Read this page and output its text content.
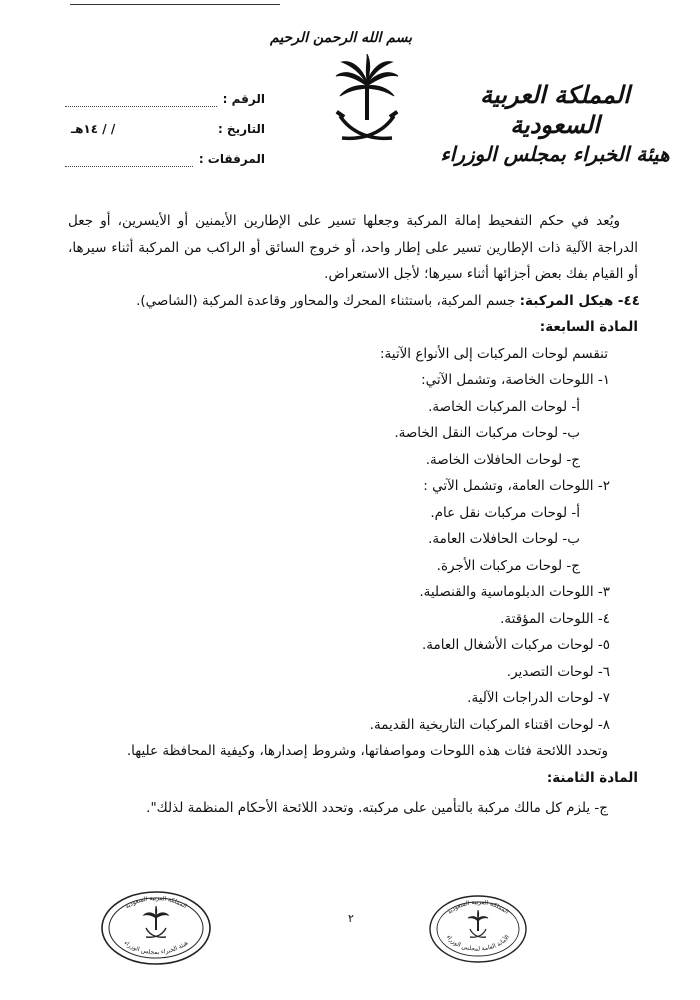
المملكة العربية السعودية
هيئة الخبراء بمجلس الوزراء
بسم الله الرحمن الرحيم
الرقم :
التاريخ :
/ / ١٤هـ
المرفقات :

ويُعد في حكم التفحيط إمالة المركبة وجعلها تسير على الإطارين الأيمنين أو الأيسرين، أو جعل الدراجة الآلية ذات الإطارين تسير على إطار واحد، أو خروج السائق أو الراكب من المركبة أثناء سيرها، أو القيام بفك بعض أجزائها أثناء سيرها؛ لأجل الاستعراض.

٤٤- هيكل المركبة: جسم المركبة، باستثناء المحرك والمحاور وقاعدة المركبة (الشاصي).

المادة السابعة:

تنقسم لوحات المركبات إلى الأنواع الآتية:

١- اللوحات الخاصة، وتشمل الآتي:
أ- لوحات المركبات الخاصة.
ب- لوحات مركبات النقل الخاصة.
ج- لوحات الحافلات الخاصة.
٢- اللوحات العامة، وتشمل الآتي :
أ- لوحات مركبات نقل عام.
ب- لوحات الحافلات العامة.
ج- لوحات مركبات الأجرة.
٣- اللوحات الدبلوماسية والقنصلية.
٤- اللوحات المؤقتة.
٥- لوحات مركبات الأشغال العامة.
٦- لوحات التصدير.
٧- لوحات الدراجات الآلية.
٨- لوحات اقتناء المركبات التاريخية القديمة.

وتحدد اللائحة فئات هذه اللوحات ومواصفاتها، وشروط إصدارها، وكيفية المحافظة عليها.

المادة الثامنة:

ج- يلزم كل مالك مركبة بالتأمين على مركبته. وتحدد اللائحة الأحكام المنظمة لذلك".

٢
المملكة العربية السعودية
هيئة الخبراء بمجلس الوزراء
المملكة العربية السعودية
الأمانة العامة لمجلس الوزراء
